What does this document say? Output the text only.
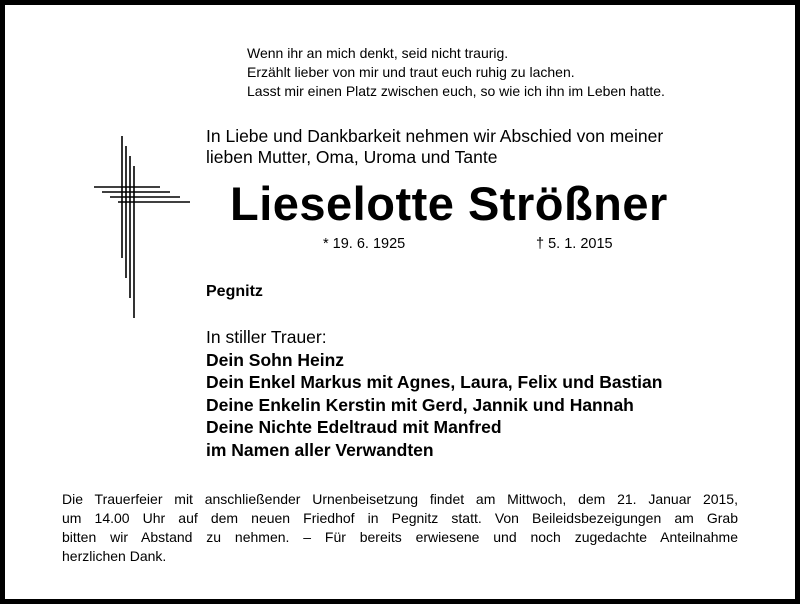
Wenn ihr an mich denkt, seid nicht traurig.
Erzählt lieber von mir und traut euch ruhig zu lachen.
Lasst mir einen Platz zwischen euch, so wie ich ihn im Leben hatte.
In Liebe und Dankbarkeit nehmen wir Abschied von meiner
lieben Mutter, Oma, Uroma und Tante
Lieselotte Strößner
* 19. 6. 1925	† 5. 1. 2015
Pegnitz
In stiller Trauer:
Dein Sohn Heinz
Dein Enkel Markus mit Agnes, Laura, Felix und Bastian
Deine Enkelin Kerstin mit Gerd, Jannik und Hannah
Deine Nichte Edeltraud mit Manfred
im Namen aller Verwandten
Die Trauerfeier mit anschließender Urnenbeisetzung findet am Mittwoch, dem 21. Januar 2015,
um 14.00 Uhr auf dem neuen Friedhof in Pegnitz statt. Von Beileidsbezeigungen am Grab
bitten wir Abstand zu nehmen. – Für bereits erwiesene und noch zugedachte Anteilnahme
herzlichen Dank.
